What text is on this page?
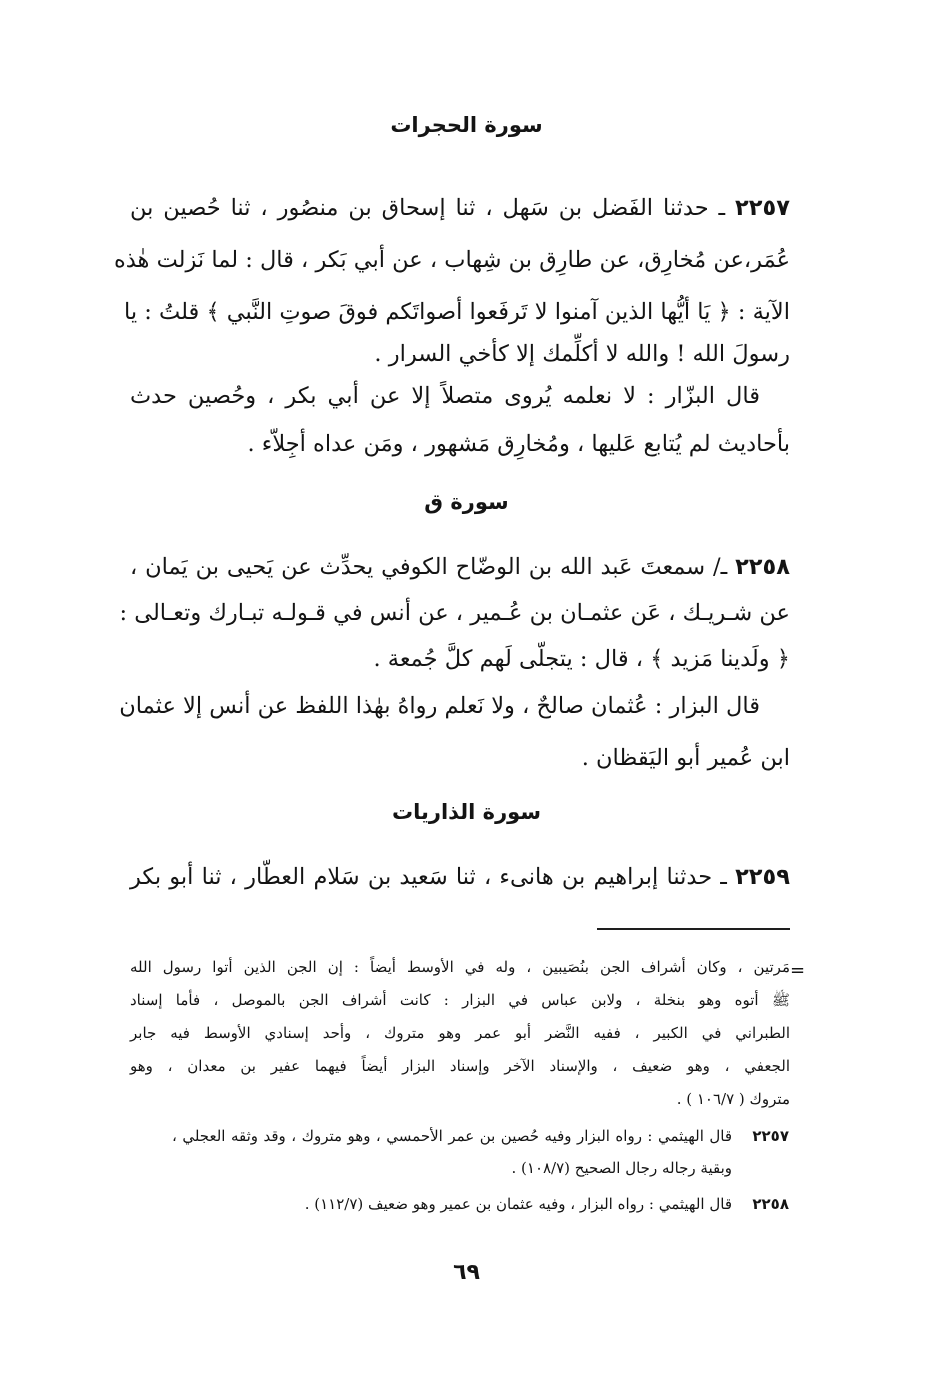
سورة الحجرات
٢٢٥٧ ـ حدثنا الفَضل بن سَهل ، ثنا إسحاق بن منصُور ، ثنا حُصين بن
عُمَر،عن مُخارِق، عن طارِق بن شِهاب ، عن أبي بَكر ، قال : لما نَزلت هٰذه
الآية : ﴿ يَا أيُّها الذين آمنوا لا تَرفَعوا أصواتَكم فوقَ صوتِ النَّبي ﴾ قلتُ : يا
رسولَ الله ! والله لا أكلِّمك إلا كأخي السرار .
قال البزّار : لا نعلمه يُروى متصلاً إلا عن أبي بكر ، وحُصين حدث
بأحاديث لم يُتابع عَليها ، ومُخارِق مَشهور ، ومَن عداه أجِلاّء .
سورة ق
٢٢٥٨ ـ/ سمعتَ عَبد الله بن الوضّاح الكوفي يحدِّث عن يَحيى بن يَمان ،
عن شـريـك ، عَن عثمـان بن عُـمير ، عن أنس في قـولـه تبـارك وتعـالى :
﴿ ولَدينا مَزيد ﴾ ، قال : يتجلّى لَهم كلَّ جُمعة .
قال البزار : عُثمان صالحٌ ، ولا نَعلم رواهُ بهٰذا اللفظ عن أنس إلا عثمان
ابن عُمير أبو اليَقظان .
سورة الذاريات
٢٢٥٩ ـ حدثنا إبراهيم بن هانىء ، ثنا سَعيد بن سَلام العطّار ، ثنا أبو بكر
=
مَرتين ، وكان أشراف الجن بنُصَيبين ، وله في الأوسط أيضاً : إن الجن الذين أتوا رسول الله
ﷺ أتوه وهو بنخلة ، ولابن عباس في البزار : كانت أشراف الجن بالموصل ، فأما إسناد
الطبراني في الكبير ، ففيه النَّضر أبو عمر وهو متروك ، وأحد إسنادي الأوسط فيه جابر
الجعفي ، وهو ضعيف ، والإسناد الآخر وإسناد البزار أيضاً فيهما عفير بن معدان ، وهو
متروك ( ١٠٦/٧ ) .
٢٢٥٧
قال الهيثمي : رواه البزار وفيه حُصين بن عمر الأحمسي ، وهو متروك ، وقد وثقه العجلي ،
وبقية رجاله رجال الصحيح (١٠٨/٧) .
٢٢٥٨
قال الهيثمي : رواه البزار ، وفيه عثمان بن عمير وهو ضعيف (١١٢/٧) .
٦٩
